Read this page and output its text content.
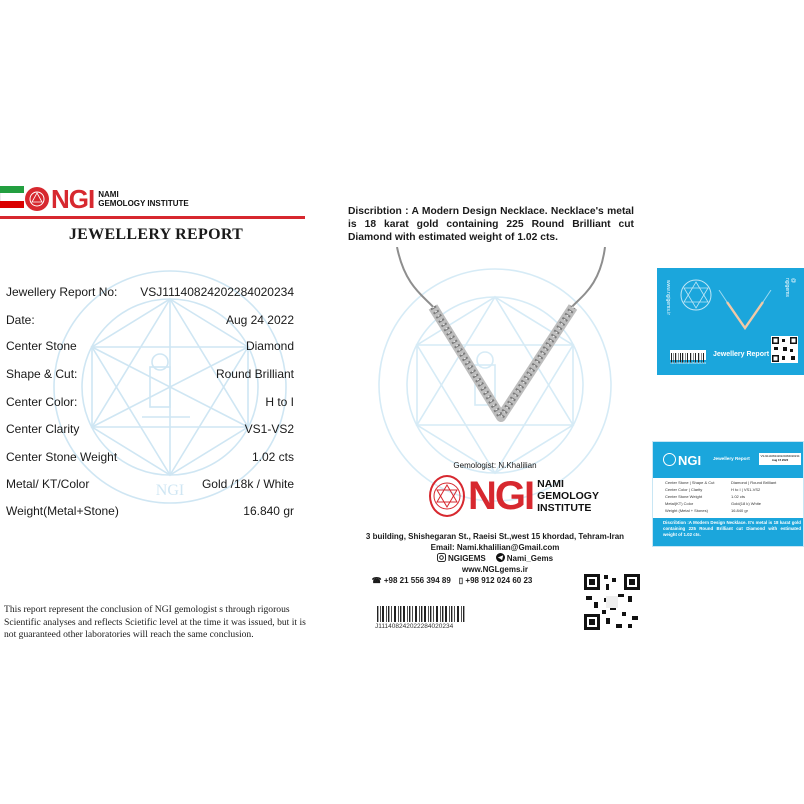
NGI
NGI NAMI
GEMOLOGY INSTITUTE
JEWELLERY REPORT
Jewellery Report No: VSJ11140824202284020234
Date:	Aug 24 2022
Center Stone	Diamond
Shape & Cut:	Round Brilliant
Center Color:	H to I
Center Clarity	VS1-VS2
Center Stone Weight	1.02 cts
Metal/ KT/Color	Gold /18k / White
Weight(Metal+Stone)	16.840 gr
This report represent the conclusion of NGI gemologist s through rigorous Scientific analyses and reflects Scietific level at the time it was issued, but it is not guaranteed other laboratories will reach the same conclusion.
Discribtion : A Modern Design Necklace. Necklace's metal is 18 karat gold containing 225 Round Brilliant cut Diamond with estimated weight of 1.02 cts.
Gemologist: N.Khalilian
NGI NAMI
GEMOLOGY INSTITUTE
3 building, Shishegaran St., Raeisi St.,west 15 khordad, Tehram-Iran
Email: Nami.khalilian@Gmail.com
NGIGEMS	Nami_Gems
www.NGLgems.ir
☎ +98 21 556 394 89 ▯ +98 912 024 60 23
J111408242022284020234
www.ngigems.ir	@ ngigems
J111408242022284020234
Jewellery Report
NGI	Jewellery Report	VSJ1114082420220284020234
Aug 15 2022
Center Stone | Shape & Cut	Diamond | Round Brilliant
Center Color | Clarity	H to I | VS1-VS2
Center Stone Weight	1.02 cts
Metal(KT) Color	Gold(18 k) White
Weight (Metal + Stones)	16.840 gr
Discribtion :A Modern Design Necklace. It's metal is 18 karat gold containing 225 Round Brilliant cut Diamond with estimated weight of 1.02 cts.
